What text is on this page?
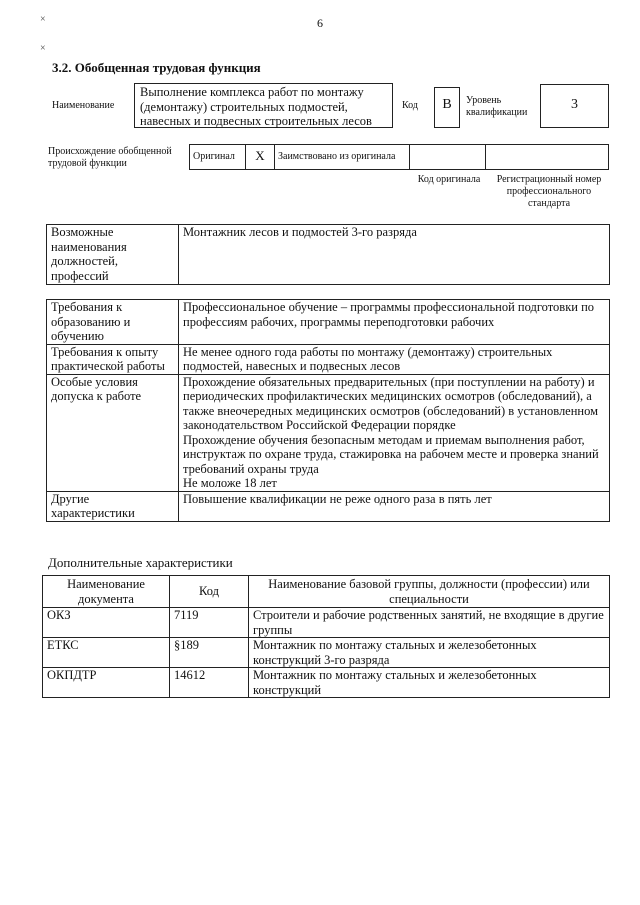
6
×
×
3.2. Обобщенная трудовая функция
Наименование
Выполнение комплекса работ по монтажу (демонтажу) строительных подмостей, навесных и подвесных строительных лесов
Код	B	Уровень квалификации
3
Происхождение обобщенной трудовой функции
Оригинал	X	Заимствовано из оригинала
Код оригинала	Регистрационный номер профессионального стандарта
Возможные наименования должностей, профессий	Монтажник лесов и подмостей 3-го разряда
Требования к образованию и обучению	Профессиональное обучение – программы профессиональной подготовки по профессиям рабочих, программы переподготовки рабочих
Требования к опыту практической работы	Не менее одного года работы по монтажу (демонтажу) строительных подмостей, навесных и подвесных лесов
Особые условия допуска к работе	Прохождение обязательных предварительных (при поступлении на работу) и периодических профилактических медицинских осмотров (обследований), а также внеочередных медицинских осмотров (обследований) в установленном законодательством Российской Федерации порядке
Прохождение обучения безопасным методам и приемам выполнения работ, инструктаж по охране труда, стажировка на рабочем месте и проверка знаний требований охраны труда
Не моложе 18 лет
Другие характеристики	Повышение квалификации не реже одного раза в пять лет
Дополнительные характеристики
Наименование документа	Код	Наименование базовой группы, должности (профессии) или специальности
ОКЗ	7119	Строители и рабочие родственных занятий, не входящие в другие группы
ЕТКС	§189	Монтажник по монтажу стальных и железобетонных конструкций 3-го разряда
ОКПДТР	14612	Монтажник по монтажу стальных и железобетонных конструкций
